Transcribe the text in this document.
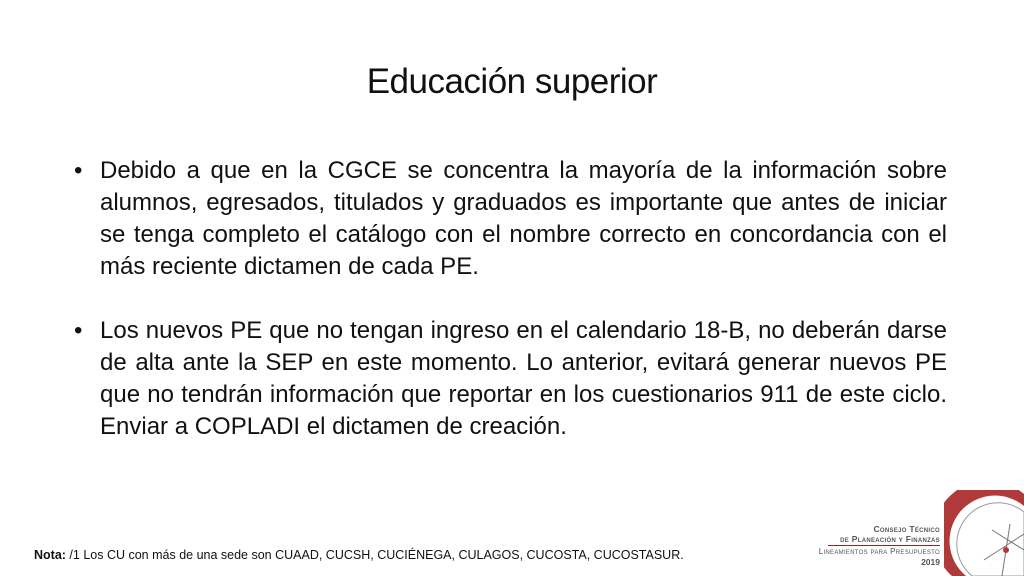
Educación superior

• Debido a que en la CGCE se concentra la mayoría de la información sobre alumnos, egresados, titulados y graduados es importante que antes de iniciar se tenga completo el catálogo con el nombre correcto en concordancia con el más reciente dictamen de cada PE.

• Los nuevos PE que no tengan ingreso en el calendario 18-B, no deberán darse de alta ante la SEP en este momento. Lo anterior, evitará generar nuevos PE que no tendrán información que reportar en los cuestionarios 911 de este ciclo. Enviar a COPLADI el dictamen de creación.

Nota: /1 Los CU con más de una sede son CUAAD, CUCSH, CUCIÉNEGA, CULAGOS, CUCOSTA, CUCOSTASUR.
Consejo Técnico
de Planeación y Finanzas
Lineamientos para Presupuesto
2019
